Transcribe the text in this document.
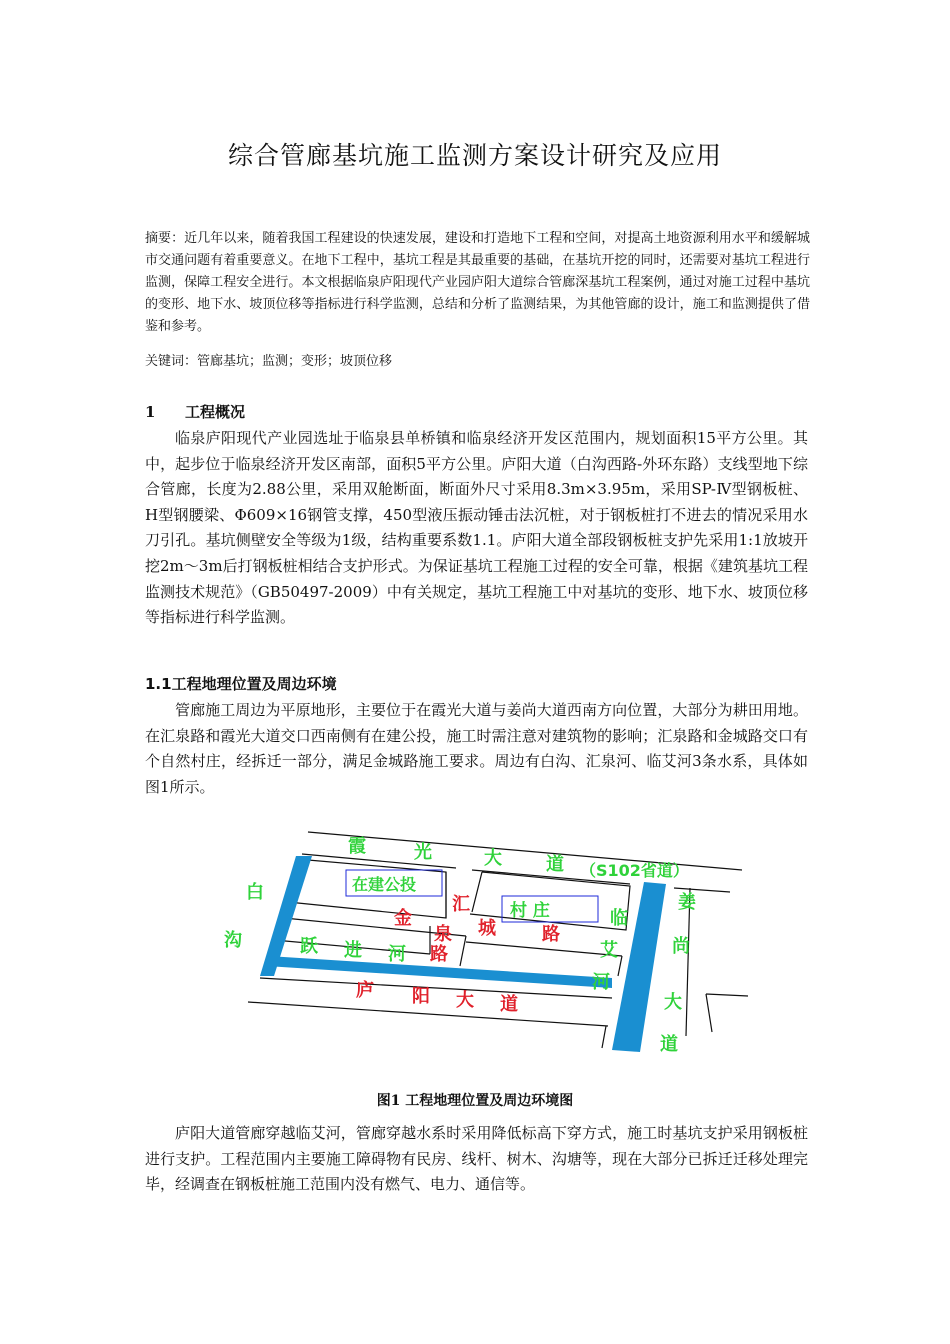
综合管廊基坑施工监测方案设计研究及应用
摘要：近几年以来，随着我国工程建设的快速发展，建设和打造地下工程和空间，对提高土地资源利用水平和缓解城市交通问题有着重要意义。在地下工程中，基坑工程是其最重要的基础，在基坑开挖的同时，还需要对基坑工程进行监测，保障工程安全进行。本文根据临泉庐阳现代产业园庐阳大道综合管廊深基坑工程案例，通过对施工过程中基坑的变形、地下水、坡顶位移等指标进行科学监测，总结和分析了监测结果，为其他管廊的设计，施工和监测提供了借鉴和参考。
关键词：管廊基坑；监测；变形；坡顶位移
1 工程概况

临泉庐阳现代产业园选址于临泉县单桥镇和临泉经济开发区范围内，规划面积15平方公里。其中，起步位于临泉经济开发区南部，面积5平方公里。庐阳大道（白沟西路-外环东路）支线型地下综合管廊，长度为2.88公里，采用双舱断面，断面外尺寸采用8.3m×3.95m，采用SP-Ⅳ型钢板桩、H型钢腰梁、Φ609×16钢管支撑，450型液压振动锤击法沉桩，对于钢板桩打不进去的情况采用水刀引孔。基坑侧壁安全等级为1级，结构重要系数1.1。庐阳大道全部段钢板桩支护先采用1:1放坡开挖2m～3m后打钢板桩相结合支护形式。为保证基坑工程施工过程的安全可靠，根据《建筑基坑工程监测技术规范》（GB50497-2009）中有关规定，基坑工程施工中对基坑的变形、地下水、坡顶位移等指标进行科学监测。

1.1工程地理位置及周边环境

管廊施工周边为平原地形，主要位于在霞光大道与姜尚大道西南方向位置，大部分为耕田用地。在汇泉路和霞光大道交口西南侧有在建公投，施工时需注意对建筑物的影响；汇泉路和金城路交口有个自然村庄，经拆迁一部分，满足金城路施工要求。周边有白沟、汇泉河、临艾河3条水系，具体如图1所示。

霞	光	大 道 （S102省道）
在建公投
村 庄
白
沟
汇
泉
路
金	城	路
临
艾
河
跃 进 河
庐 阳 大 道
姜
尚
大
道
图1 工程地理位置及周边环境图

庐阳大道管廊穿越临艾河，管廊穿越水系时采用降低标高下穿方式，施工时基坑支护采用钢板桩进行支护。工程范围内主要施工障碍物有民房、线杆、树木、沟塘等，现在大部分已拆迁迁移处理完毕，经调查在钢板桩施工范围内没有燃气、电力、通信等。
